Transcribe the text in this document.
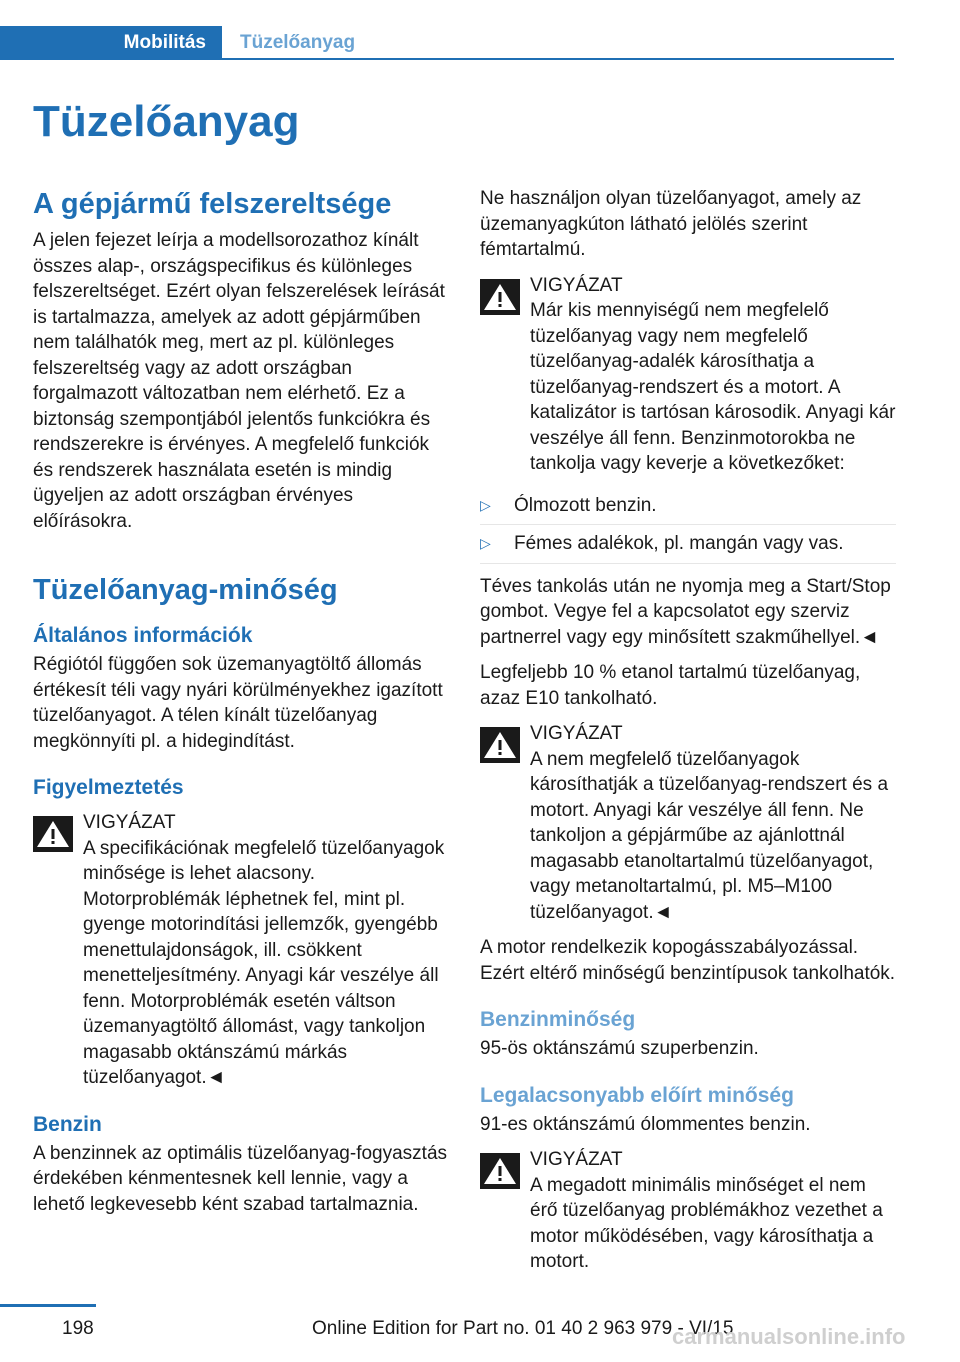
Mobilitás	Tüzelőanyag
Tüzelőanyag
A gépjármű felszereltsége

A jelen fejezet leírja a modellsorozathoz kínált összes alap-, országspecifikus és különleges felszereltséget. Ezért olyan felszerelések leírását is tartalmazza, amelyek az adott gépjárműben nem találhatók meg, mert az pl. különleges felszereltség vagy az adott országban forgalmazott változatban nem elérhető. Ez a biztonság szempontjából jelentős funkciókra és rendszerekre is érvényes. A megfelelő funkciók és rendszerek használata esetén is mindig ügyeljen az adott országban érvényes előírásokra.

Tüzelőanyag-minőség
Általános információk

Régiótól függően sok üzemanyagtöltő állomás értékesít téli vagy nyári körülményekhez igazított tüzelőanyagot. A télen kínált tüzelőanyag megkönnyíti pl. a hidegindítást.

Figyelmeztetés
VIGYÁZAT
A specifikációnak megfelelő tüzelőanyagok minősége is lehet alacsony. Motorproblémák léphetnek fel, mint pl. gyenge motorindítási jellemzők, gyengébb menettulajdonságok, ill. csökkent menetteljesítmény. Anyagi kár veszélye áll fenn. Motorproblémák esetén váltson üzemanyagtöltő állomást, vagy tankoljon magasabb oktánszámú márkás tüzelőanyagot.◄
Benzin

A benzinnek az optimális tüzelőanyag-fogyasztás érdekében kénmentesnek kell lennie, vagy a lehető legkevesebb ként szabad tartalmaznia.

Ne használjon olyan tüzelőanyagot, amely az üzemanyagkúton látható jelölés szerint fémtartalmú.

VIGYÁZAT
Már kis mennyiségű nem megfelelő tüzelőanyag vagy nem megfelelő tüzelőanyag-adalék károsíthatja a tüzelőanyag-rendszert és a motort. A katalizátor is tartósan károsodik. Anyagi kár veszélye áll fenn. Benzinmotorokba ne tankolja vagy keverje a következőket:
▷	Ólmozott benzin.
▷	Fémes adalékok, pl. mangán vagy vas.

Téves tankolás után ne nyomja meg a Start/Stop gombot. Vegye fel a kapcsolatot egy szerviz partnerrel vagy egy minősített szakműhellyel.◄

Legfeljebb 10 % etanol tartalmú tüzelőanyag, azaz E10 tankolható.

VIGYÁZAT
A nem megfelelő tüzelőanyagok károsíthatják a tüzelőanyag-rendszert és a motort. Anyagi kár veszélye áll fenn. Ne tankoljon a gépjárműbe az ajánlottnál magasabb etanoltartalmú tüzelőanyagot, vagy metanoltartalmú, pl. M5–M100 tüzelőanyagot.◄

A motor rendelkezik kopogásszabályozással. Ezért eltérő minőségű benzintípusok tankolhatók.

Benzinminőség

95-ös oktánszámú szuperbenzin.

Legalacsonyabb előírt minőség

91-es oktánszámú ólommentes benzin.

VIGYÁZAT
A megadott minimális minőséget el nem érő tüzelőanyag problémákhoz vezethet a motor működésében, vagy károsíthatja a motort.
198	Online Edition for Part no. 01 40 2 963 979 - VI/15
carmanualsonline.info
